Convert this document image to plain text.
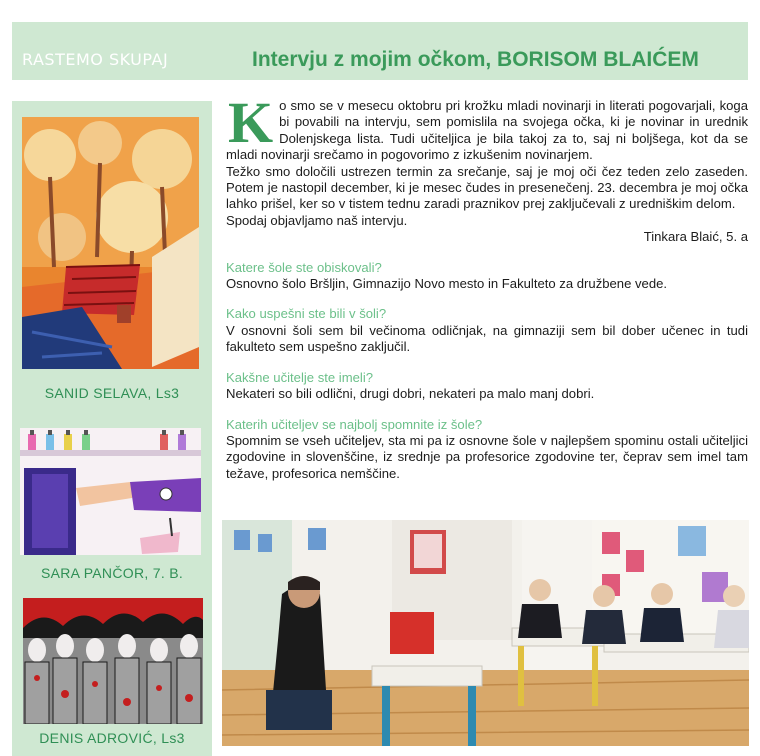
RASTEMO SKUPAJ	Intervju z mojim očkom, BORISOM BLAIĆEM
SANID SELAVA, Ls3
SARA PANČOR, 7. B.
DENIS ADROVIĆ, Ls3
K o smo se v mesecu oktobru pri krožku mladi novinarji in literati pogovarjali, koga bi povabili na intervju, sem pomislila na svojega očka, ki je novinar in urednik Dolenjskega lista. Tudi učiteljica je bila takoj za to, saj ni boljšega, kot da se mladi novinarji srečamo in pogovorimo z izkušenim novinarjem.

Težko smo določili ustrezen termin za srečanje, saj je moj oči čez teden zelo zaseden. Potem je nastopil december, ki je mesec čudes in presenečenj. 23. decembra je moj očka lahko prišel, ker so v tistem tednu zaradi praznikov prej zaključevali z uredniškim delom.

Spodaj objavljamo naš intervju.

Tinkara Blaić, 5. a

Katere šole ste obiskovali?

Osnovno šolo Bršljin, Gimnazijo Novo mesto in Fakulteto za družbene vede.

Kako uspešni ste bili v šoli?

V osnovni šoli sem bil večinoma odličnjak, na gimnaziji sem bil dober učenec in tudi fakulteto sem uspešno zaključil.

Kakšne učitelje ste imeli?

Nekateri so bili odlični, drugi dobri, nekateri pa malo manj dobri.

Katerih učiteljev se najbolj spomnite iz šole?

Spomnim se vseh učiteljev, sta mi pa iz osnovne šole v najlepšem spominu ostali učiteljici zgodovine in slovenščine, iz srednje pa profesorice zgodovine ter, čeprav sem imel tam težave, profesorica nemščine.
